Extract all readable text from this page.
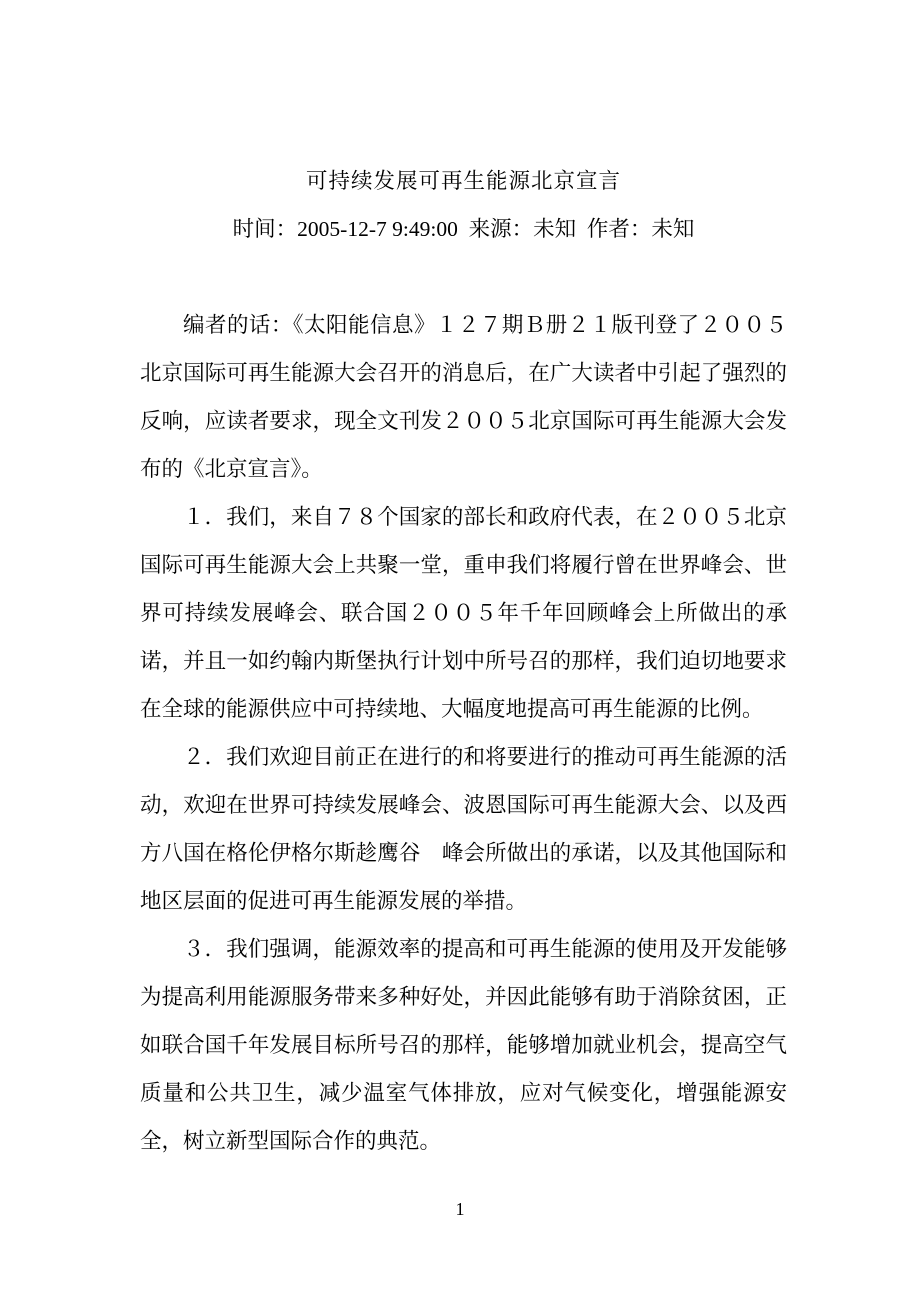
可持续发展可再生能源北京宣言
时间：2005-12-7 9:49:00  来源：未知  作者：未知

编者的话：《太阳能信息》１２７期Ｂ册２１版刊登了２００５北京国际可再生能源大会召开的消息后，在广大读者中引起了强烈的反响，应读者要求，现全文刊发２００５北京国际可再生能源大会发布的《北京宣言》。

１．我们，来自７８个国家的部长和政府代表，在２００５北京国际可再生能源大会上共聚一堂，重申我们将履行曾在世界峰会、世界可持续发展峰会、联合国２００５年千年回顾峰会上所做出的承诺，并且一如约翰内斯堡执行计划中所号召的那样，我们迫切地要求在全球的能源供应中可持续地、大幅度地提高可再生能源的比例。

２．我们欢迎目前正在进行的和将要进行的推动可再生能源的活动，欢迎在世界可持续发展峰会、波恩国际可再生能源大会、以及西方八国在格伦伊格尔斯趁鹰谷　峰会所做出的承诺，以及其他国际和地区层面的促进可再生能源发展的举措。

３．我们强调，能源效率的提高和可再生能源的使用及开发能够为提高利用能源服务带来多种好处，并因此能够有助于消除贫困，正如联合国千年发展目标所号召的那样，能够增加就业机会，提高空气质量和公共卫生，减少温室气体排放，应对气候变化，增强能源安全，树立新型国际合作的典范。

1
